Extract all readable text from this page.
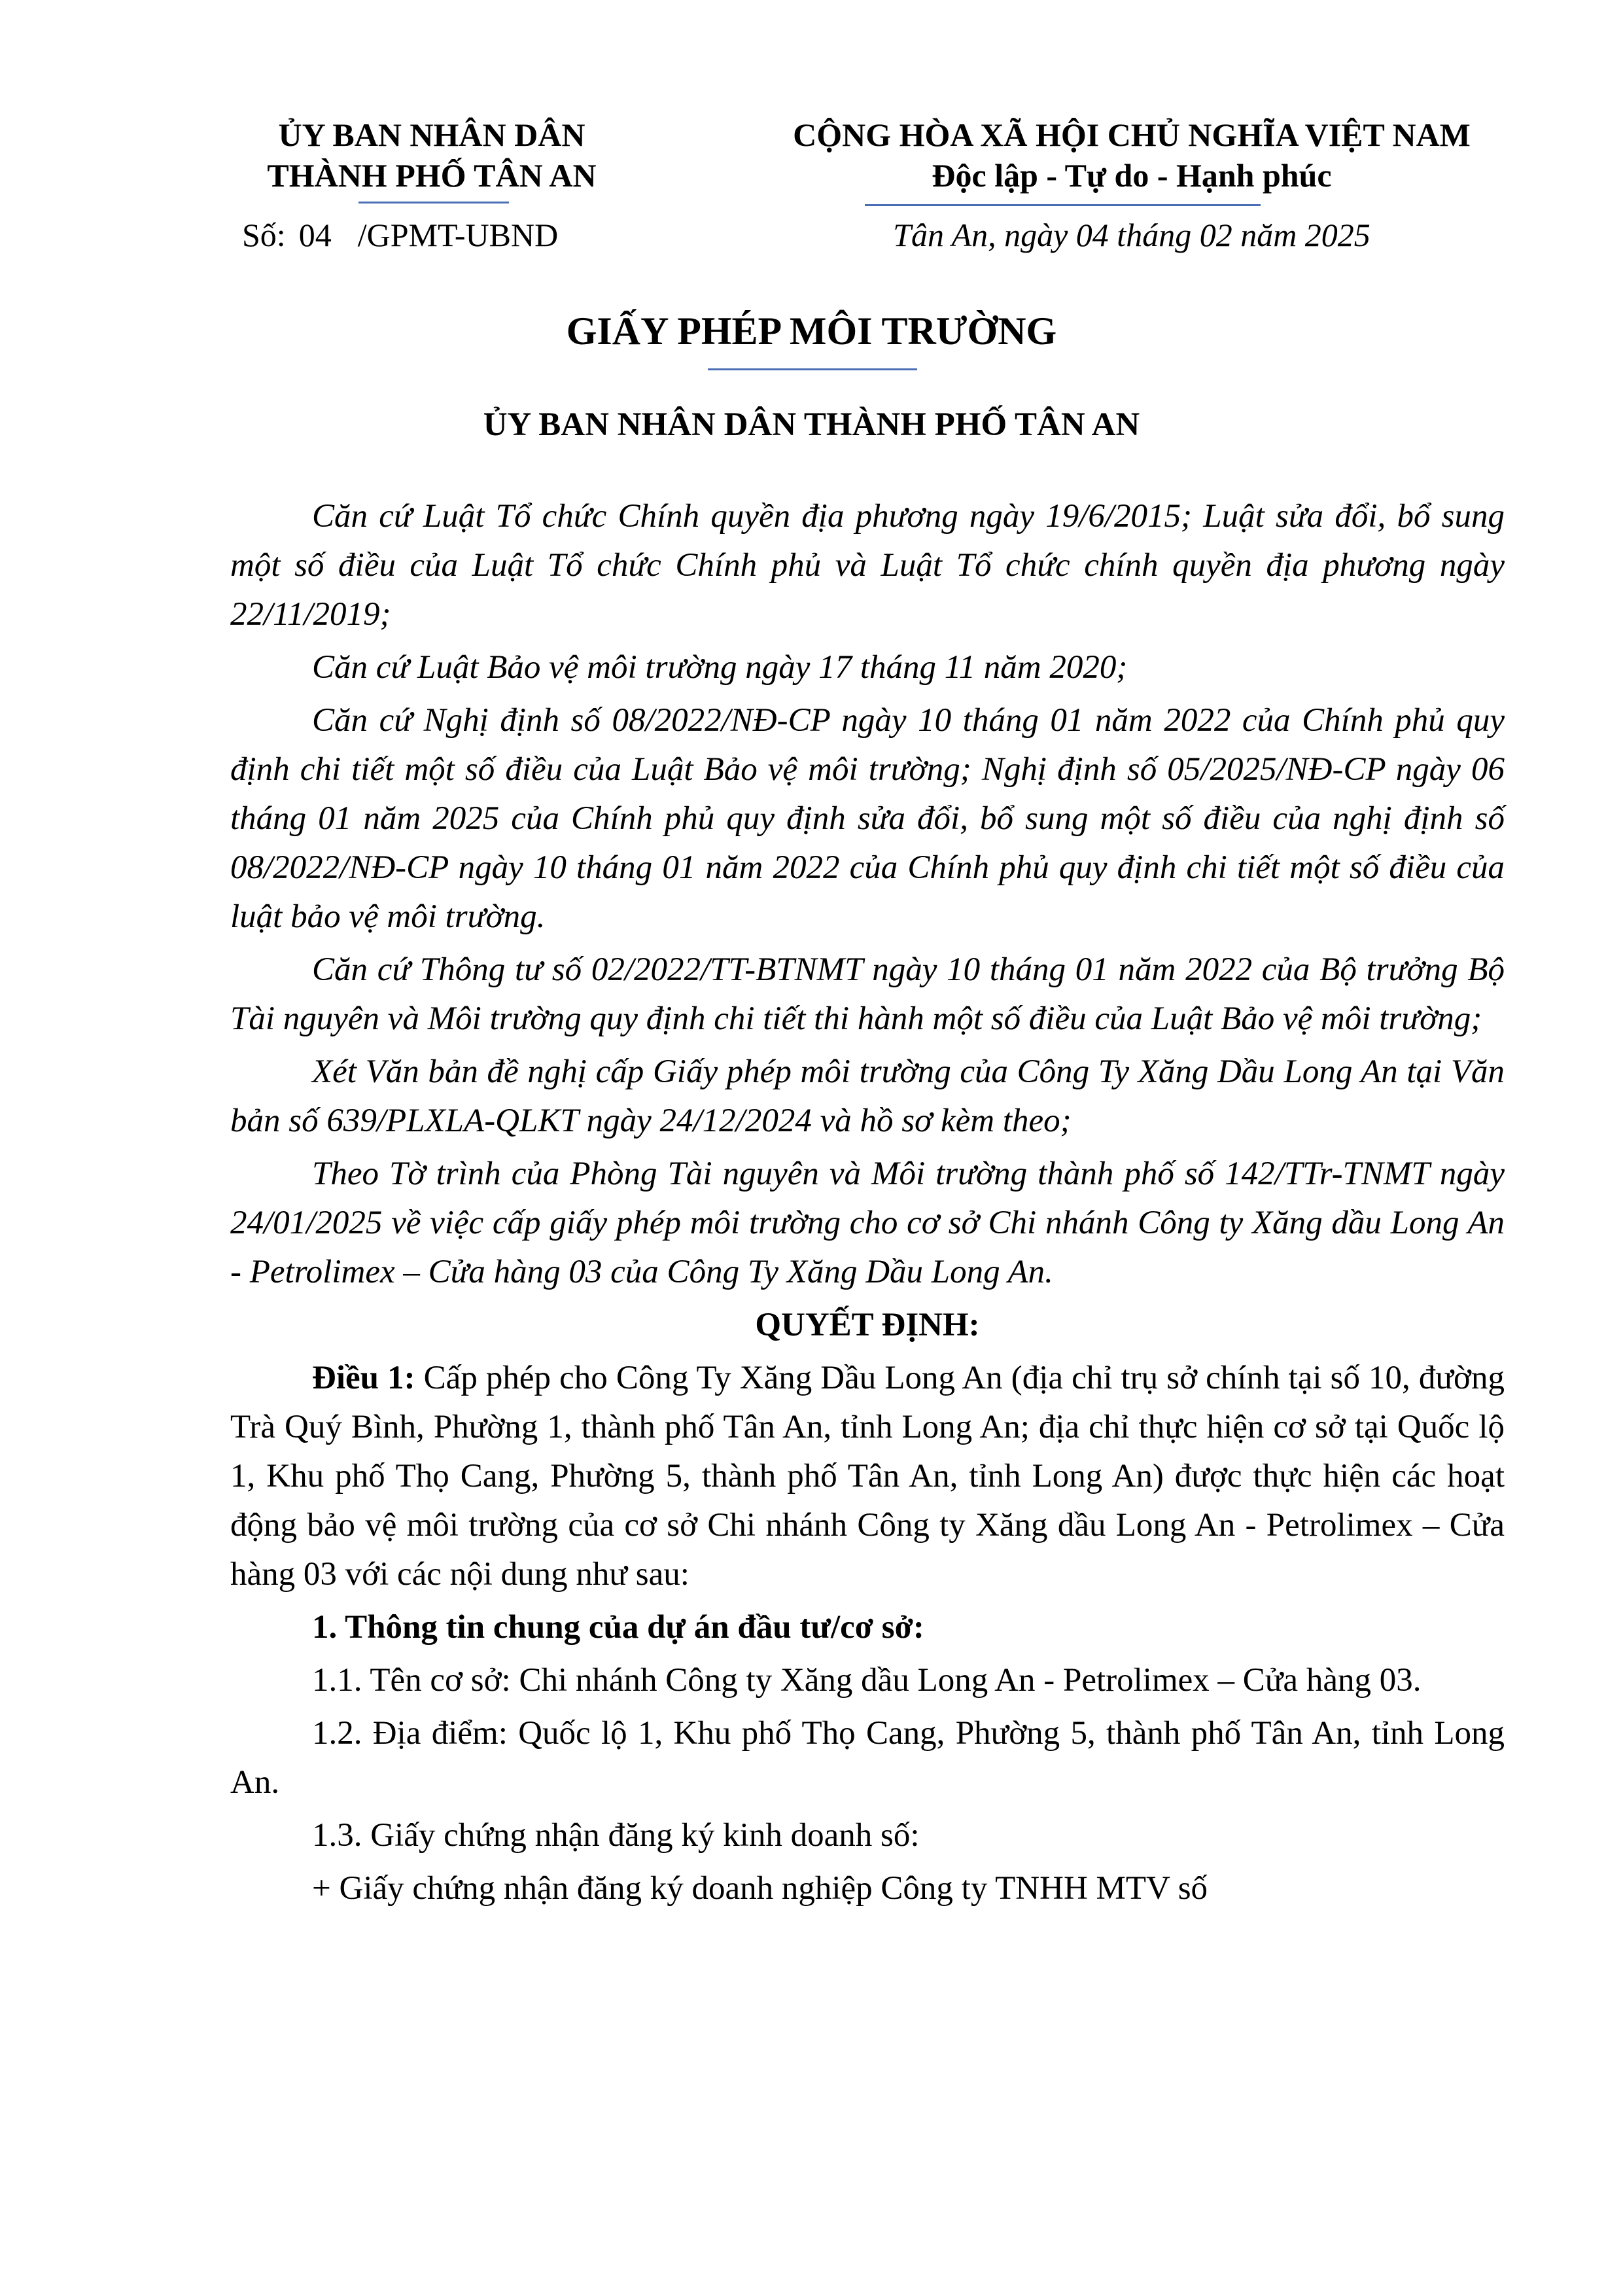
ỦY BAN NHÂN DÂN
THÀNH PHỐ TÂN AN
CỘNG HÒA XÃ HỘI CHỦ NGHĨA VIỆT NAM
Độc lập - Tự do - Hạnh phúc
Số: 04 /GPMT-UBND	Tân An, ngày 04 tháng 02 năm 2025
GIẤY PHÉP MÔI TRƯỜNG
ỦY BAN NHÂN DÂN THÀNH PHỐ TÂN AN

Căn cứ Luật Tổ chức Chính quyền địa phương ngày 19/6/2015; Luật sửa đổi, bổ sung một số điều của Luật Tổ chức Chính phủ và Luật Tổ chức chính quyền địa phương ngày 22/11/2019;

Căn cứ Luật Bảo vệ môi trường ngày 17 tháng 11 năm 2020;

Căn cứ Nghị định số 08/2022/NĐ-CP ngày 10 tháng 01 năm 2022 của Chính phủ quy định chi tiết một số điều của Luật Bảo vệ môi trường; Nghị định số 05/2025/NĐ-CP ngày 06 tháng 01 năm 2025 của Chính phủ quy định sửa đổi, bổ sung một số điều của nghị định số 08/2022/NĐ-CP ngày 10 tháng 01 năm 2022 của Chính phủ quy định chi tiết một số điều của luật bảo vệ môi trường.

Căn cứ Thông tư số 02/2022/TT-BTNMT ngày 10 tháng 01 năm 2022 của Bộ trưởng Bộ Tài nguyên và Môi trường quy định chi tiết thi hành một số điều của Luật Bảo vệ môi trường;

Xét Văn bản đề nghị cấp Giấy phép môi trường của Công Ty Xăng Dầu Long An tại Văn bản số 639/PLXLA-QLKT ngày 24/12/2024 và hồ sơ kèm theo;

Theo Tờ trình của Phòng Tài nguyên và Môi trường thành phố số 142/TTr-TNMT ngày 24/01/2025 về việc cấp giấy phép môi trường cho cơ sở Chi nhánh Công ty Xăng dầu Long An - Petrolimex – Cửa hàng 03 của Công Ty Xăng Dầu Long An.

QUYẾT ĐỊNH:

Điều 1: Cấp phép cho Công Ty Xăng Dầu Long An (địa chỉ trụ sở chính tại số 10, đường Trà Quý Bình, Phường 1, thành phố Tân An, tỉnh Long An; địa chỉ thực hiện cơ sở tại Quốc lộ 1, Khu phố Thọ Cang, Phường 5, thành phố Tân An, tỉnh Long An) được thực hiện các hoạt động bảo vệ môi trường của cơ sở Chi nhánh Công ty Xăng dầu Long An - Petrolimex – Cửa hàng 03 với các nội dung như sau:

1. Thông tin chung của dự án đầu tư/cơ sở:

1.1. Tên cơ sở: Chi nhánh Công ty Xăng dầu Long An - Petrolimex – Cửa hàng 03.

1.2. Địa điểm: Quốc lộ 1, Khu phố Thọ Cang, Phường 5, thành phố Tân An, tỉnh Long An.

1.3. Giấy chứng nhận đăng ký kinh doanh số:

+ Giấy chứng nhận đăng ký doanh nghiệp Công ty TNHH MTV số
